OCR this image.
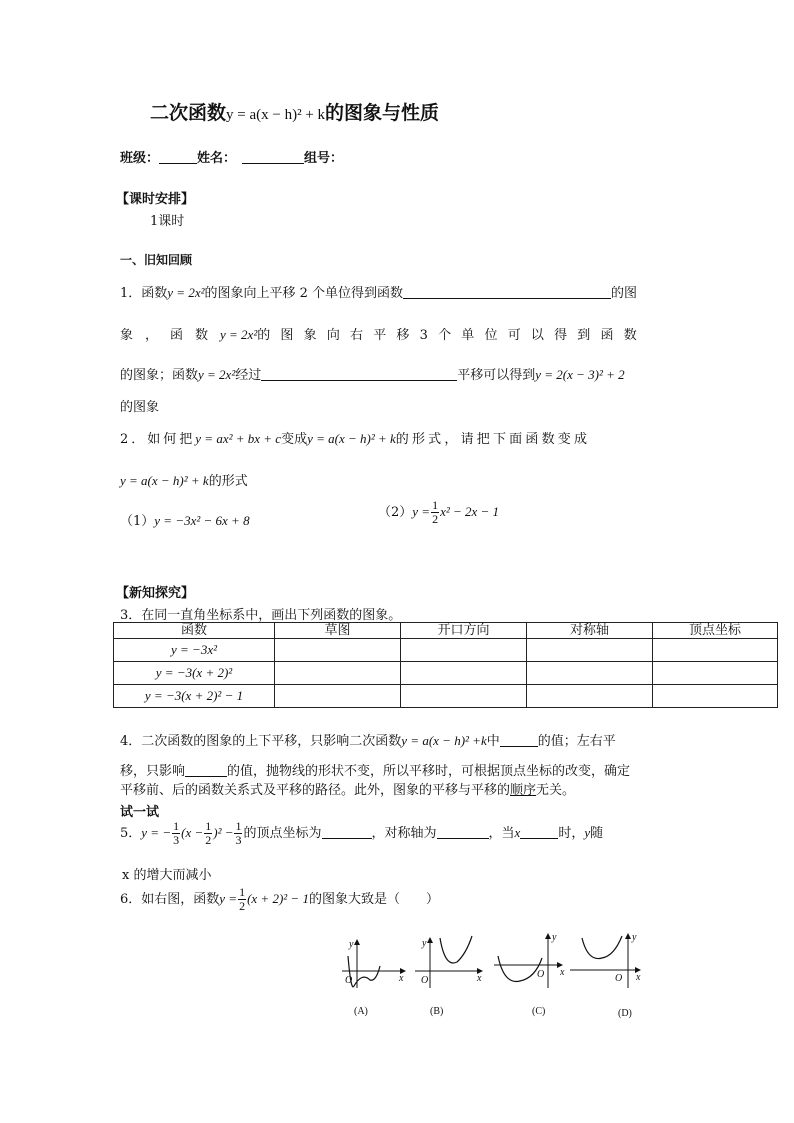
二次函数y = a(x − h)² + k的图象与性质
班级：	姓名：	组号：
【课时安排】
1课时
一、旧知回顾
1．函数y = 2x²的图象向上平移 2 个单位得到函数	的图
象，函数y = 2x²的图象向右平移3个单位可以得到函数
的图象；函数y = 2x²经过	平移可以得到y = 2(x − 3)² + 2
的图象
2．如何把y = ax² + bx + c变成y = a(x − h)² + k的形式，请把下面函数变成
y = a(x − h)² + k的形式
（1）y = −3x² − 6x + 8
$(2)y = \frac{1}{2} x^2 - 2x - 1$
【新知探究】
3．在同一直角坐标系中，画出下列函数的图象。
函数	草图	开口方向	对称轴	顶点坐标
y = −3x²				
y = −3(x + 2)²				
y = −3(x + 2)² − 1				
4．二次函数的图象的上下平移，只影响二次函数y = a(x − h)² +k中	的值；左右平
移，只影响	的值，抛物线的形状不变，所以平移时，可根据顶点坐标的改变，确定
平移前、后的函数关系式及平移的路径。此外，图象的平移与平移的顺序无关。
试一试
5．y = − $\frac{1}{3} (x - \frac{1}{2} )^2 - \frac{1}{3}$ 的顶点坐标为	，对称轴为	，当x	时，y随
x 的增大而减小
6．如右图，函数$y = \frac{1}{2} (x + 2)^2 - 1$的图象大致是（　　）
y
x
O
(A)
y
x
O
(B)
y
x
O
(C)
y
x
O
(D)
